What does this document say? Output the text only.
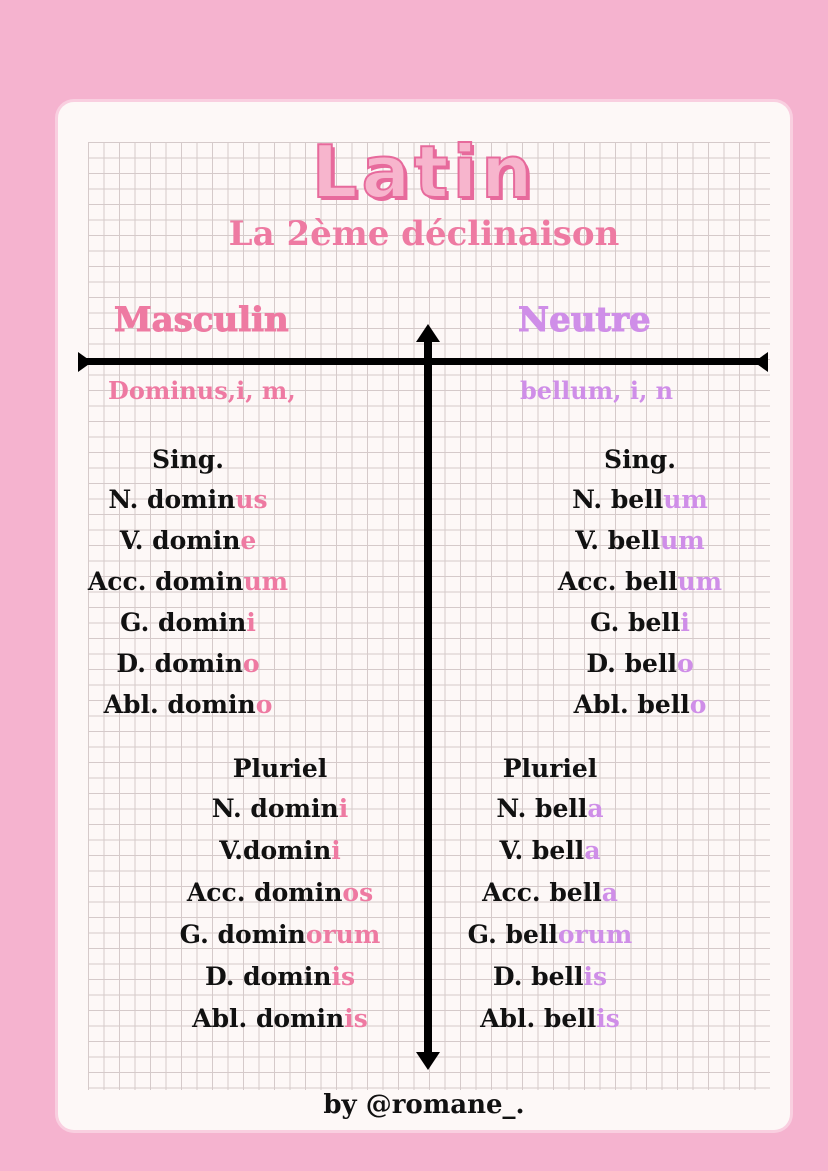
Latin
La 2ème déclinaison
Masculin	Neutre
Dominus,i, m,	bellum, i, n
Sing.
N. dominus
V. domine
Acc. dominum
G. domini
D. domino
Abl. domino
Pluriel
N. domini
V.domini
Acc. dominos
G. dominorum
D. dominis
Abl. dominis
Sing.
N. bellum
V. bellum
Acc. bellum
G. belli
D. bello
Abl. bello
Pluriel
N. bella
V. bella
Acc. bella
G. bellorum
D. bellis
Abl. bellis
by @romane_.
